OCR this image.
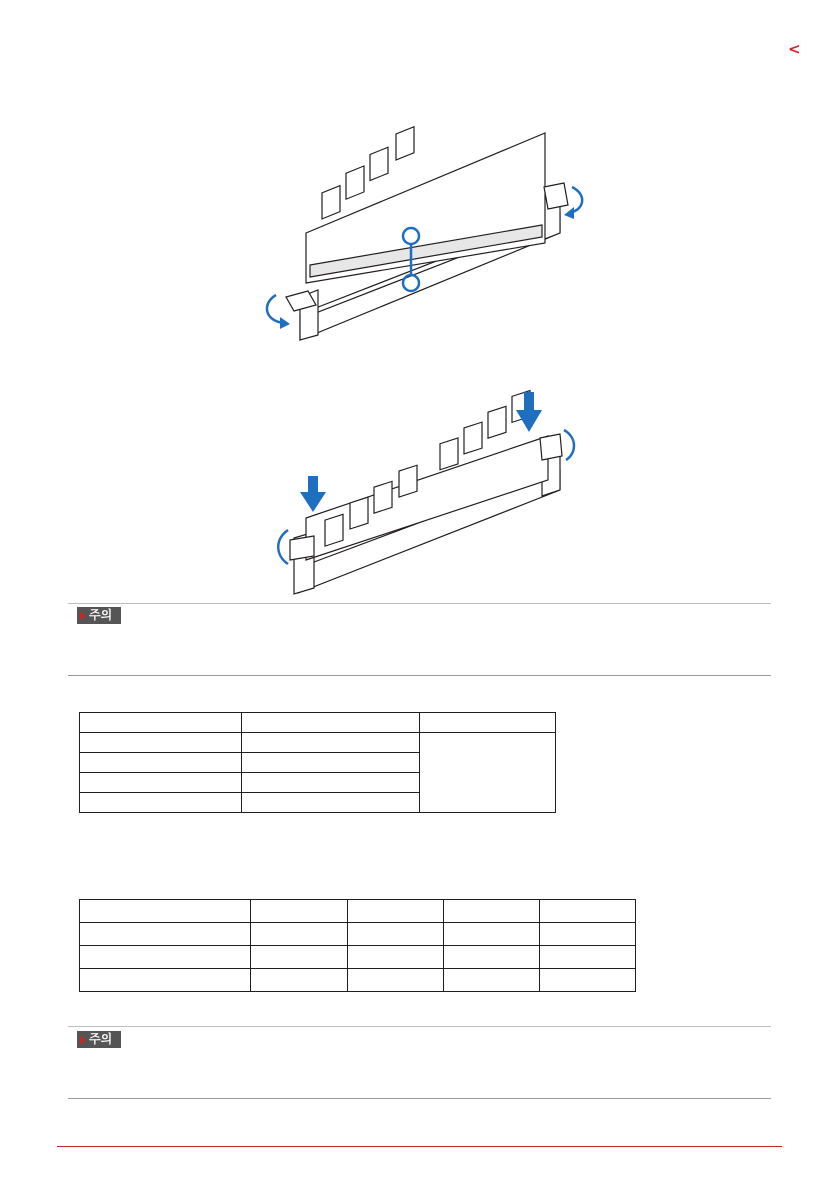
<
주의

주의
